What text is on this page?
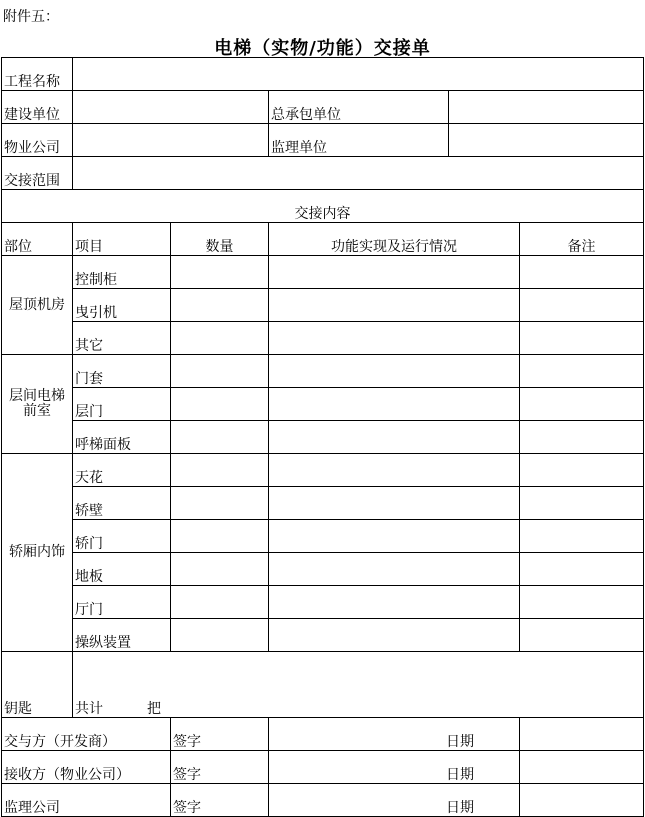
附件五：
电梯（实物/功能）交接单
工程名称					
建设单位			总承包单位		
物业公司			监理单位		
交接范围					
交接内容					
部位	项目	数量	功能实现及运行情况		备注
屋顶机房	控制柜				
	曳引机				
	其它				
层间电梯前室	门套				
	层门				
	呼梯面板				
轿厢内饰	天花				
	轿壁				
	轿门				
	地板				
	厅门				
	操纵装置				
钥匙	共计 把				
交与方（开发商）		签字	日期		

接收方（物业公司）		签字	日期		

监理公司		签字	日期		
